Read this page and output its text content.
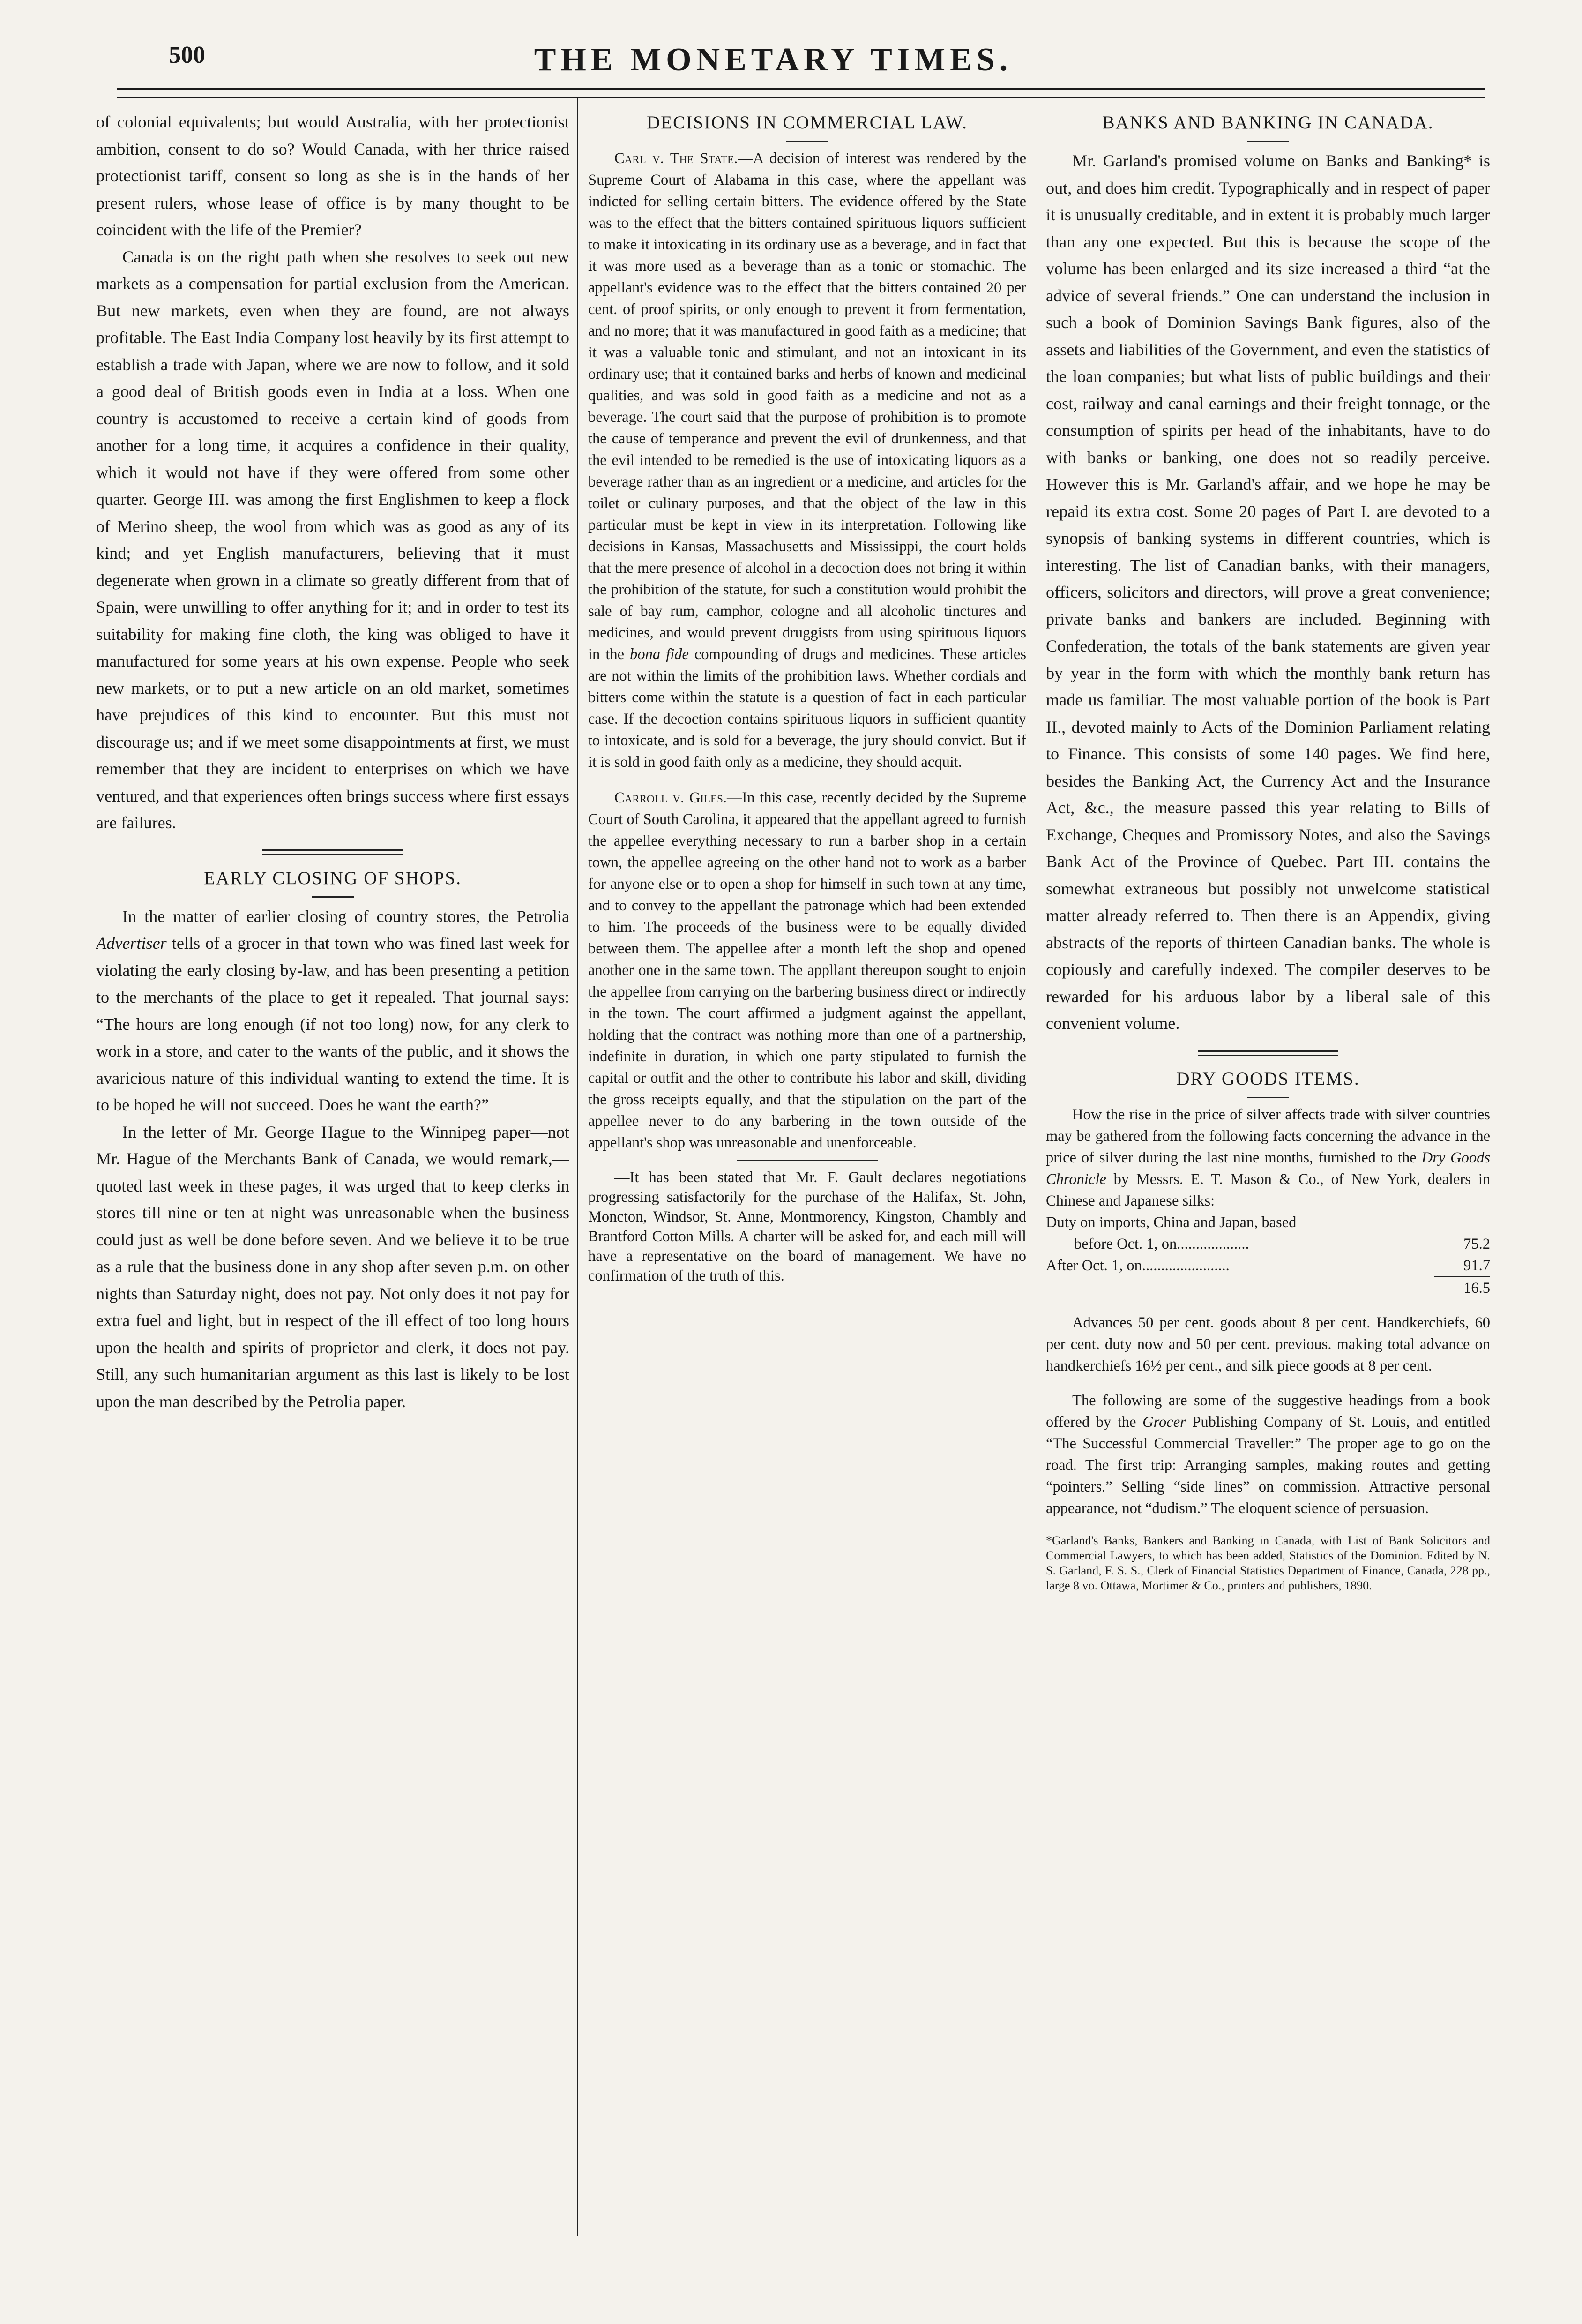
500	THE MONETARY TIMES.

of colonial equivalents; but would Australia, with her protectionist ambition, consent to do so? Would Canada, with her thrice raised protectionist tariff, consent so long as she is in the hands of her present rulers, whose lease of office is by many thought to be coincident with the life of the Premier?

Canada is on the right path when she resolves to seek out new markets as a compensation for partial exclusion from the American. But new markets, even when they are found, are not always profitable. The East India Company lost heavily by its first attempt to establish a trade with Japan, where we are now to follow, and it sold a good deal of British goods even in India at a loss. When one country is accustomed to receive a certain kind of goods from another for a long time, it acquires a confidence in their quality, which it would not have if they were offered from some other quarter. George III. was among the first Englishmen to keep a flock of Merino sheep, the wool from which was as good as any of its kind; and yet English manufacturers, believing that it must degenerate when grown in a climate so greatly different from that of Spain, were unwilling to offer anything for it; and in order to test its suitability for making fine cloth, the king was obliged to have it manufactured for some years at his own expense. People who seek new markets, or to put a new article on an old market, sometimes have prejudices of this kind to encounter. But this must not discourage us; and if we meet some disappointments at first, we must remember that they are incident to enterprises on which we have ventured, and that experiences often brings success where first essays are failures.

EARLY CLOSING OF SHOPS.

In the matter of earlier closing of country stores, the Petrolia Advertiser tells of a grocer in that town who was fined last week for violating the early closing by-law, and has been presenting a petition to the merchants of the place to get it repealed. That journal says: “The hours are long enough (if not too long) now, for any clerk to work in a store, and cater to the wants of the public, and it shows the avaricious nature of this individual wanting to extend the time. It is to be hoped he will not succeed. Does he want the earth?”

In the letter of Mr. George Hague to the Winnipeg paper—not Mr. Hague of the Merchants Bank of Canada, we would remark,—quoted last week in these pages, it was urged that to keep clerks in stores till nine or ten at night was unreasonable when the business could just as well be done before seven. And we believe it to be true as a rule that the business done in any shop after seven p.m. on other nights than Saturday night, does not pay. Not only does it not pay for extra fuel and light, but in respect of the ill effect of too long hours upon the health and spirits of proprietor and clerk, it does not pay. Still, any such humanitarian argument as this last is likely to be lost upon the man described by the Petrolia paper.

DECISIONS IN COMMERCIAL LAW.

Carl v. The State.—A decision of interest was rendered by the Supreme Court of Alabama in this case, where the appellant was indicted for selling certain bitters. The evidence offered by the State was to the effect that the bitters contained spirituous liquors sufficient to make it intoxicating in its ordinary use as a beverage, and in fact that it was more used as a beverage than as a tonic or stomachic. The appellant's evidence was to the effect that the bitters contained 20 per cent. of proof spirits, or only enough to prevent it from fermentation, and no more; that it was manufactured in good faith as a medicine; that it was a valuable tonic and stimulant, and not an intoxicant in its ordinary use; that it contained barks and herbs of known and medicinal qualities, and was sold in good faith as a medicine and not as a beverage. The court said that the purpose of prohibition is to promote the cause of temperance and prevent the evil of drunkenness, and that the evil intended to be remedied is the use of intoxicating liquors as a beverage rather than as an ingredient or a medicine, and articles for the toilet or culinary purposes, and that the object of the law in this particular must be kept in view in its interpretation. Following like decisions in Kansas, Massachusetts and Mississippi, the court holds that the mere presence of alcohol in a decoction does not bring it within the prohibition of the statute, for such a constitution would prohibit the sale of bay rum, camphor, cologne and all alcoholic tinctures and medicines, and would prevent druggists from using spirituous liquors in the bona fide compounding of drugs and medicines. These articles are not within the limits of the prohibition laws. Whether cordials and bitters come within the statute is a question of fact in each particular case. If the decoction contains spirituous liquors in sufficient quantity to intoxicate, and is sold for a beverage, the jury should convict. But if it is sold in good faith only as a medicine, they should acquit.

Carroll v. Giles.—In this case, recently decided by the Supreme Court of South Carolina, it appeared that the appellant agreed to furnish the appellee everything necessary to run a barber shop in a certain town, the appellee agreeing on the other hand not to work as a barber for anyone else or to open a shop for himself in such town at any time, and to convey to the appellant the patronage which had been extended to him. The proceeds of the business were to be equally divided between them. The appellee after a month left the shop and opened another one in the same town. The appllant thereupon sought to enjoin the appellee from carrying on the barbering business direct or indirectly in the town. The court affirmed a judgment against the appellant, holding that the contract was nothing more than one of a partnership, indefinite in duration, in which one party stipulated to furnish the capital or outfit and the other to contribute his labor and skill, dividing the gross receipts equally, and that the stipulation on the part of the appellee never to do any barbering in the town outside of the appellant's shop was unreasonable and unenforceable.

—It has been stated that Mr. F. Gault declares negotiations progressing satisfactorily for the purchase of the Halifax, St. John, Moncton, Windsor, St. Anne, Montmorency, Kingston, Chambly and Brantford Cotton Mills. A charter will be asked for, and each mill will have a representative on the board of management. We have no confirmation of the truth of this.

BANKS AND BANKING IN CANADA.

Mr. Garland's promised volume on Banks and Banking* is out, and does him credit. Typographically and in respect of paper it is unusually creditable, and in extent it is probably much larger than any one expected. But this is because the scope of the volume has been enlarged and its size increased a third “at the advice of several friends.” One can understand the inclusion in such a book of Dominion Savings Bank figures, also of the assets and liabilities of the Government, and even the statistics of the loan companies; but what lists of public buildings and their cost, railway and canal earnings and their freight tonnage, or the consumption of spirits per head of the inhabitants, have to do with banks or banking, one does not so readily perceive. However this is Mr. Garland's affair, and we hope he may be repaid its extra cost. Some 20 pages of Part I. are devoted to a synopsis of banking systems in different countries, which is interesting. The list of Canadian banks, with their managers, officers, solicitors and directors, will prove a great convenience; private banks and bankers are included. Beginning with Confederation, the totals of the bank statements are given year by year in the form with which the monthly bank return has made us familiar. The most valuable portion of the book is Part II., devoted mainly to Acts of the Dominion Parliament relating to Finance. This consists of some 140 pages. We find here, besides the Banking Act, the Currency Act and the Insurance Act, &c., the measure passed this year relating to Bills of Exchange, Cheques and Promissory Notes, and also the Savings Bank Act of the Province of Quebec. Part III. contains the somewhat extraneous but possibly not unwelcome statistical matter already referred to. Then there is an Appendix, giving abstracts of the reports of thirteen Canadian banks. The whole is copiously and carefully indexed. The compiler deserves to be rewarded for his arduous labor by a liberal sale of this convenient volume.

DRY GOODS ITEMS.

How the rise in the price of silver affects trade with silver countries may be gathered from the following facts concerning the advance in the price of silver during the last nine months, furnished to the Dry Goods Chronicle by Messrs. E. T. Mason & Co., of New York, dealers in Chinese and Japanese silks:

Duty on imports, China and Japan, based
before Oct. 1, on...................	75.2
After Oct. 1, on.......................	91.7
16.5

Advances 50 per cent. goods about 8 per cent. Handkerchiefs, 60 per cent. duty now and 50 per cent. previous. making total advance on handkerchiefs 16½ per cent., and silk piece goods at 8 per cent.

The following are some of the suggestive headings from a book offered by the Grocer Publishing Company of St. Louis, and entitled “The Successful Commercial Traveller:” The proper age to go on the road. The first trip: Arranging samples, making routes and getting “pointers.” Selling “side lines” on commission. Attractive personal appearance, not “dudism.” The eloquent science of persuasion.

*Garland's Banks, Bankers and Banking in Canada, with List of Bank Solicitors and Commercial Lawyers, to which has been added, Statistics of the Dominion. Edited by N. S. Garland, F. S. S., Clerk of Financial Statistics Department of Finance, Canada, 228 pp., large 8 vo. Ottawa, Mortimer & Co., printers and publishers, 1890.
